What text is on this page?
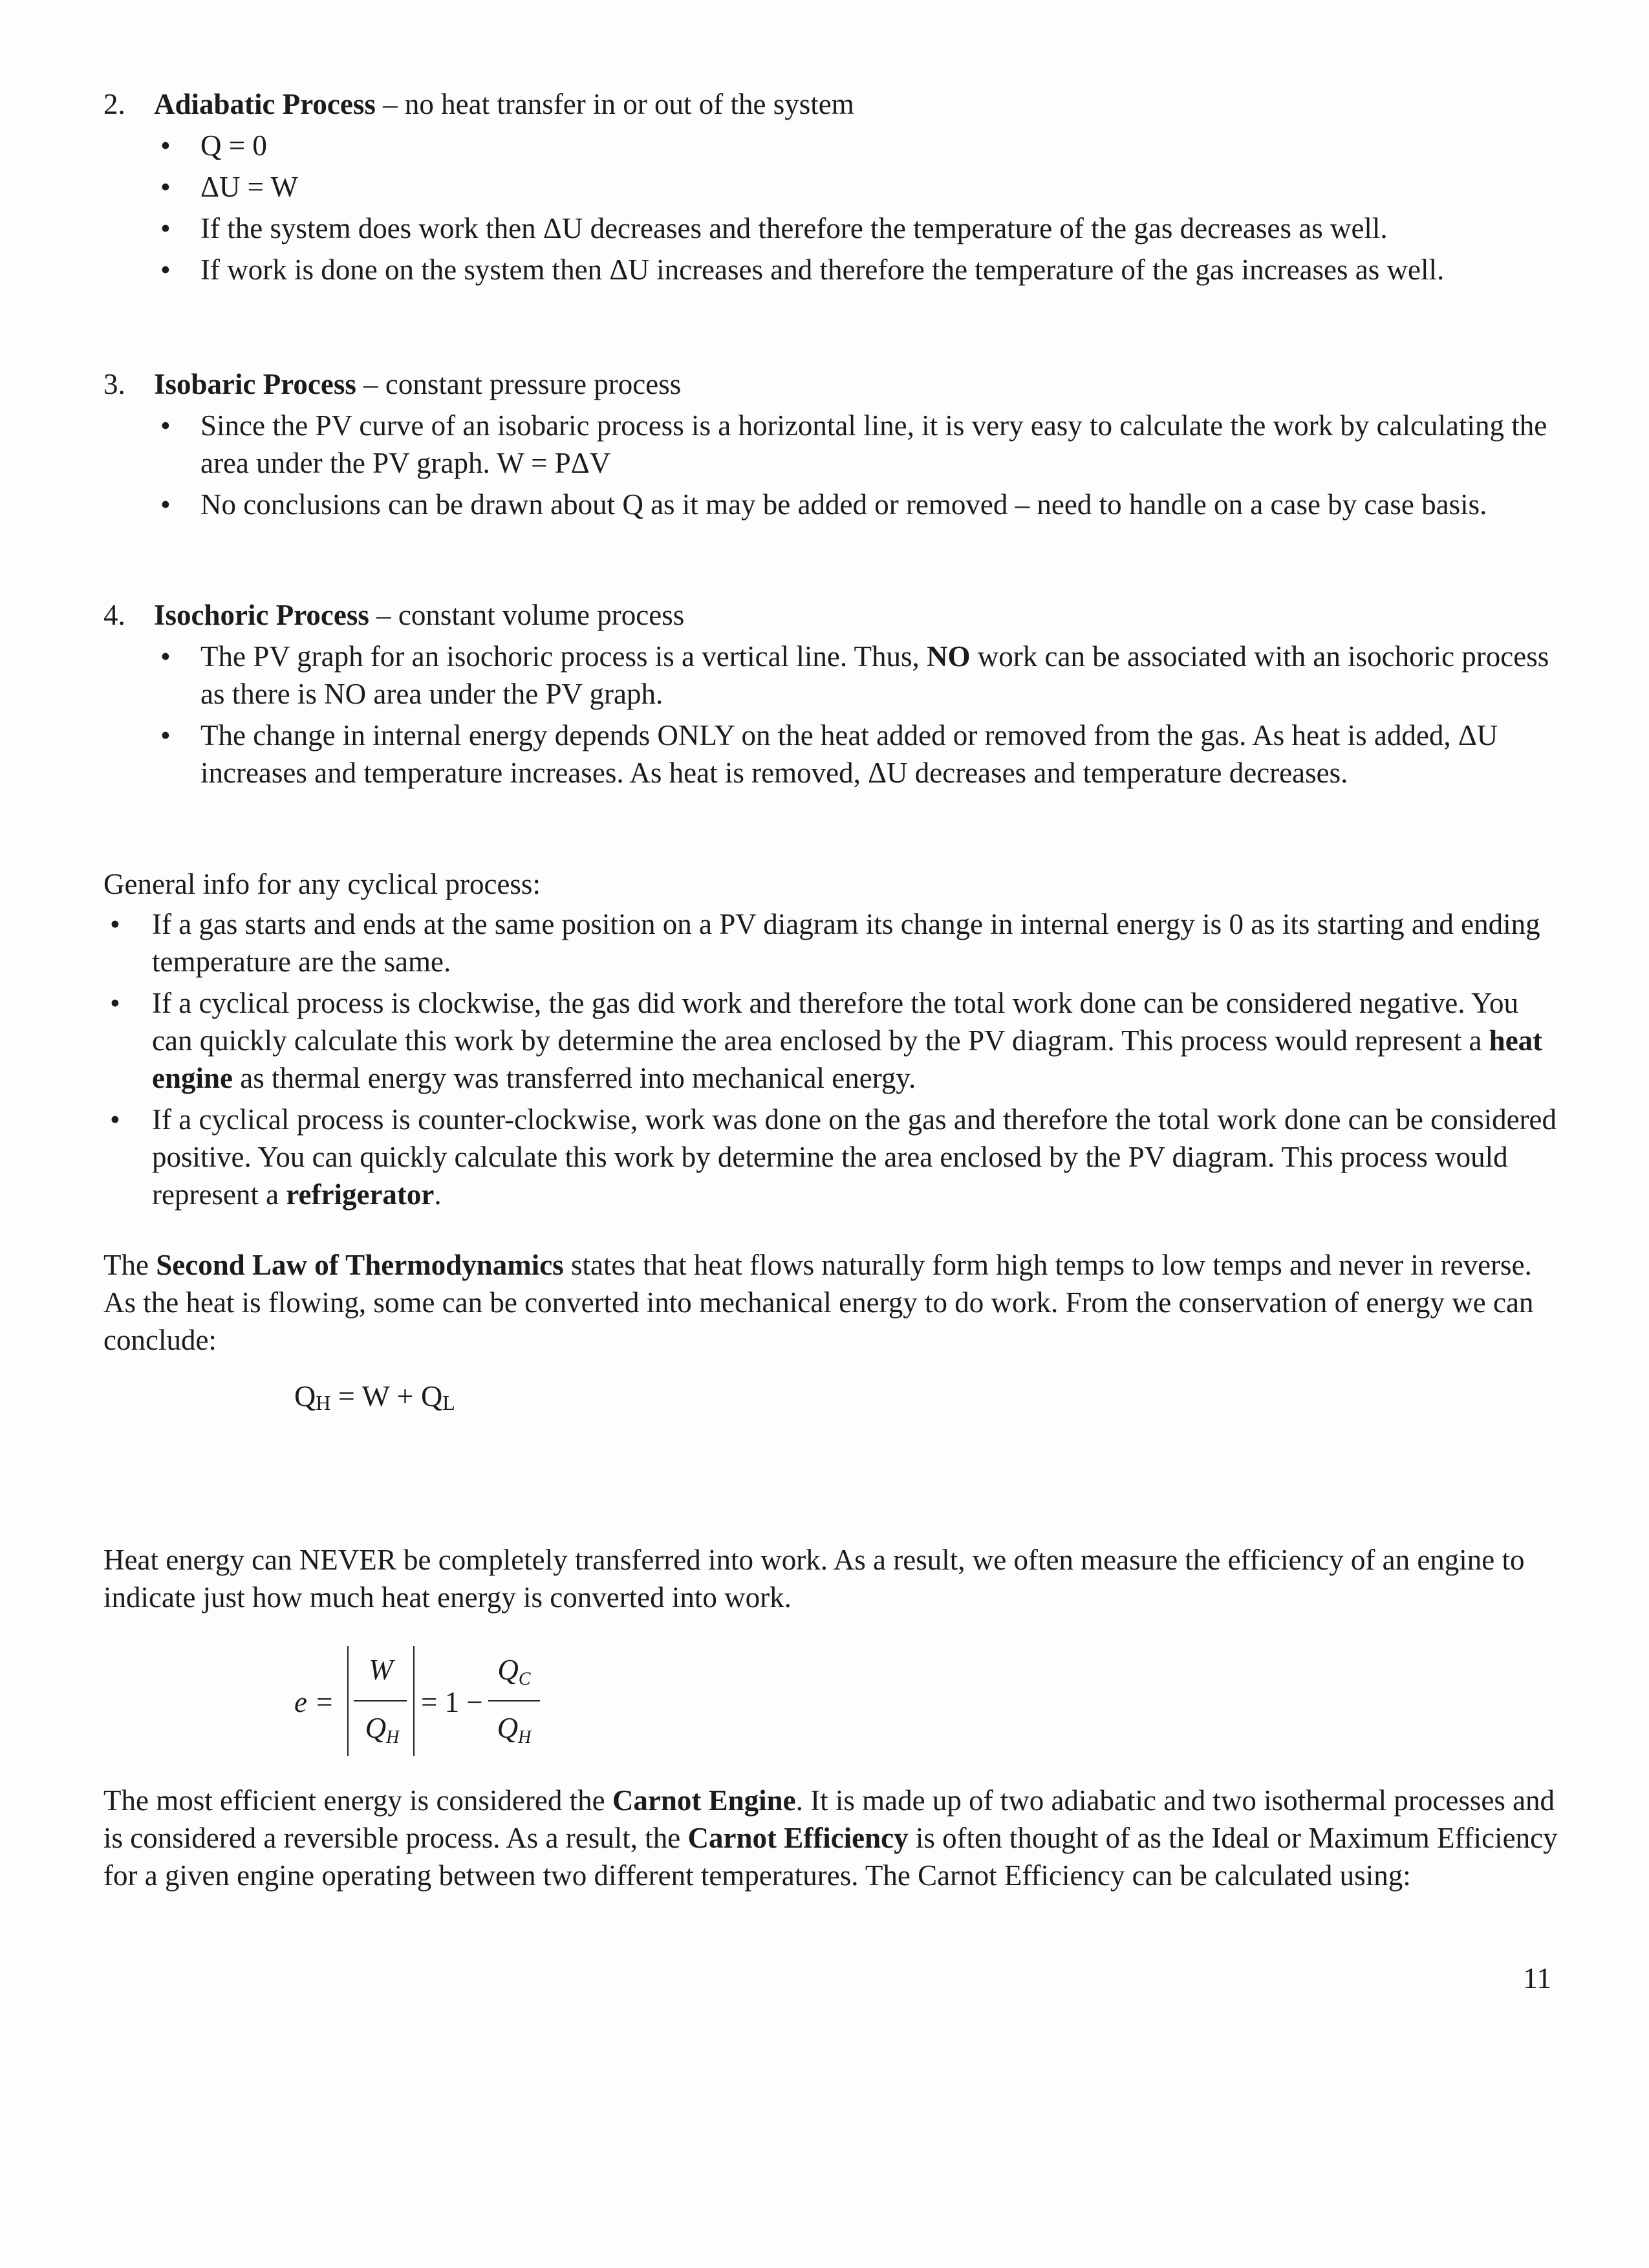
2. Adiabatic Process – no heat transfer in or out of the system
• Q = 0
• ΔU = W
• If the system does work then ΔU decreases and therefore the temperature of the gas decreases as well.
• If work is done on the system then ΔU increases and therefore the temperature of the gas increases as well.
3. Isobaric Process – constant pressure process
• Since the PV curve of an isobaric process is a horizontal line, it is very easy to calculate the work by calculating the area under the PV graph. W = PΔV
• No conclusions can be drawn about Q as it may be added or removed – need to handle on a case by case basis.
4. Isochoric Process – constant volume process
• The PV graph for an isochoric process is a vertical line. Thus, NO work can be associated with an isochoric process as there is NO area under the PV graph.
• The change in internal energy depends ONLY on the heat added or removed from the gas. As heat is added, ΔU increases and temperature increases. As heat is removed, ΔU decreases and temperature decreases.
General info for any cyclical process:
• If a gas starts and ends at the same position on a PV diagram its change in internal energy is 0 as its starting and ending temperature are the same.
• If a cyclical process is clockwise, the gas did work and therefore the total work done can be considered negative. You can quickly calculate this work by determine the area enclosed by the PV diagram. This process would represent a heat engine as thermal energy was transferred into mechanical energy.
• If a cyclical process is counter-clockwise, work was done on the gas and therefore the total work done can be considered positive. You can quickly calculate this work by determine the area enclosed by the PV diagram. This process would represent a refrigerator.
The Second Law of Thermodynamics states that heat flows naturally form high temps to low temps and never in reverse. As the heat is flowing, some can be converted into mechanical energy to do work. From the conservation of energy we can conclude:
QH = W + QL
Heat energy can NEVER be completely transferred into work. As a result, we often measure the efficiency of an engine to indicate just how much heat energy is converted into work.
e =
W
QH
= 1 −
QC
QH
The most efficient energy is considered the Carnot Engine. It is made up of two adiabatic and two isothermal processes and is considered a reversible process. As a result, the Carnot Efficiency is often thought of as the Ideal or Maximum Efficiency for a given engine operating between two different temperatures. The Carnot Efficiency can be calculated using:
11
